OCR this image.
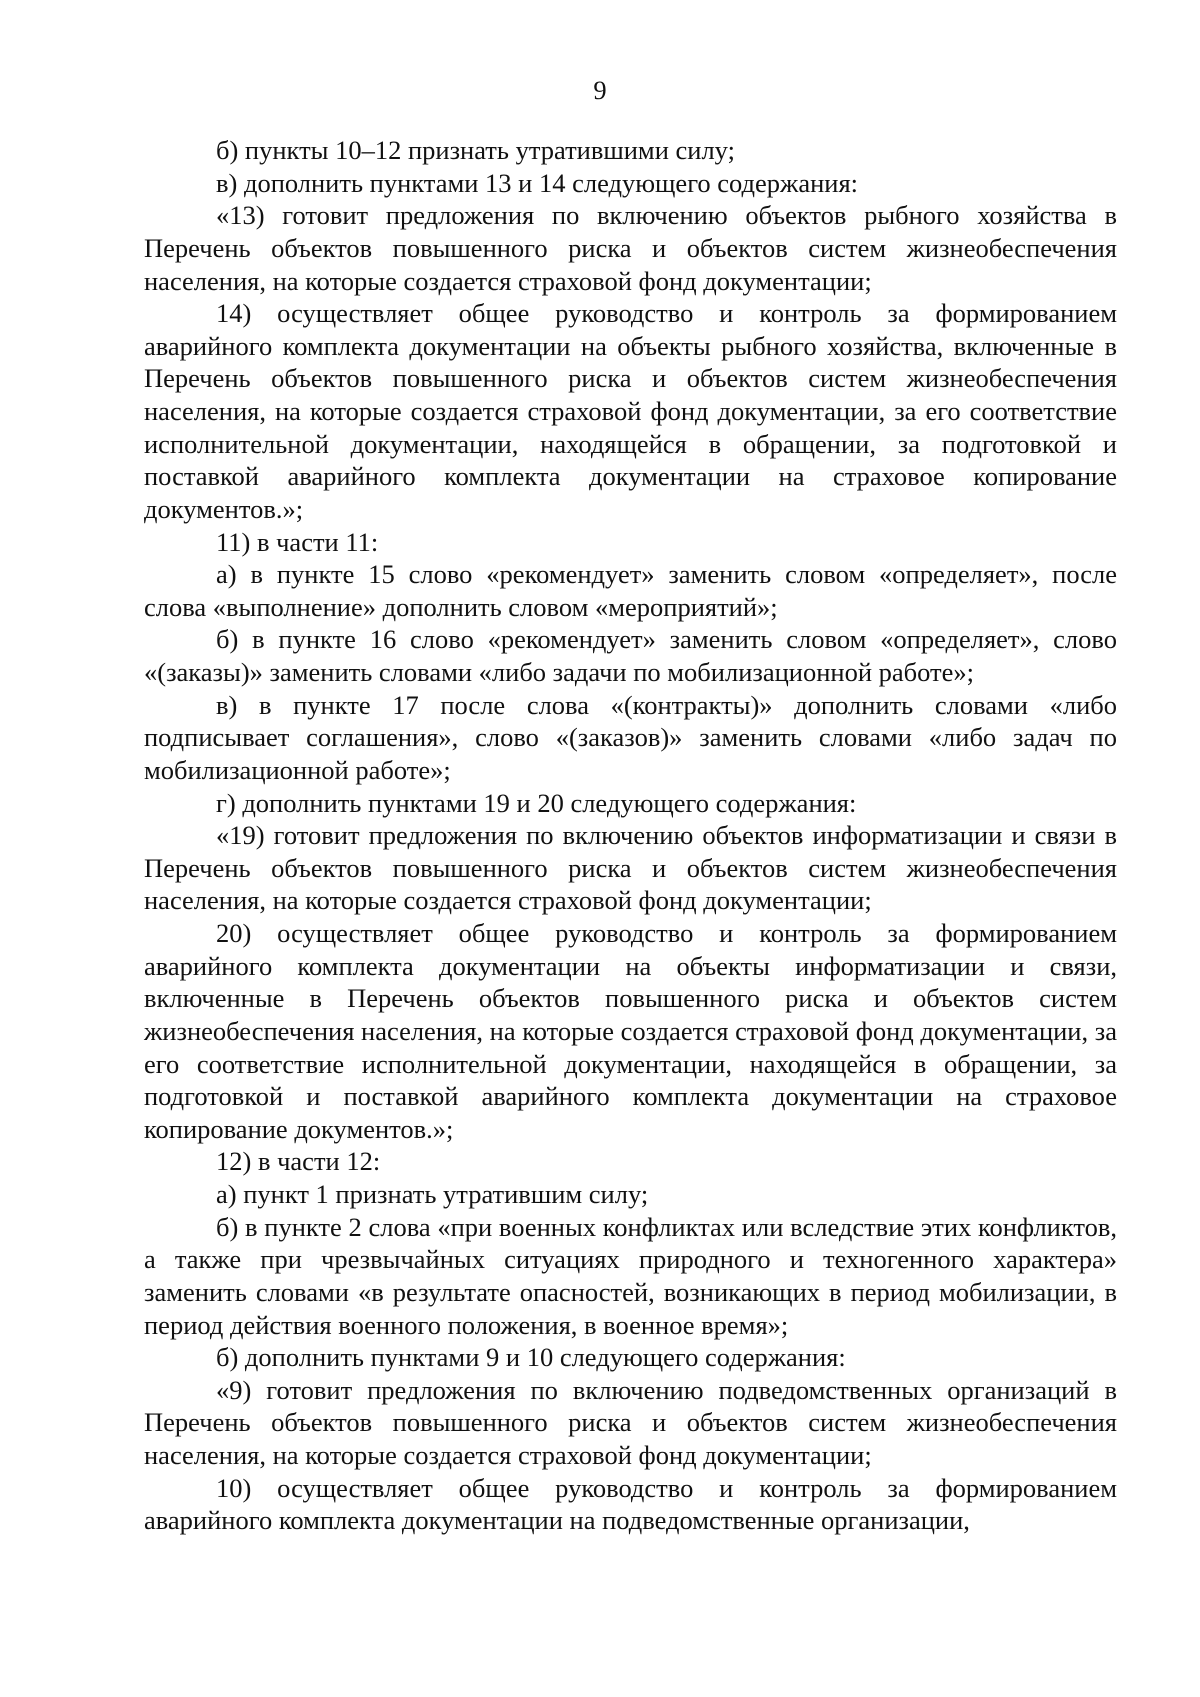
9

б) пункты 10–12 признать утратившими силу;

в) дополнить пунктами 13 и 14 следующего содержания:

«13) готовит предложения по включению объектов рыбного хозяйства в Перечень объектов повышенного риска и объектов систем жизнеобеспечения населения, на которые создается страховой фонд документации;

14) осуществляет общее руководство и контроль за формированием аварийного комплекта документации на объекты рыбного хозяйства, включенные в Перечень объектов повышенного риска и объектов систем жизнеобеспечения населения, на которые создается страховой фонд документации, за его соответствие исполнительной документации, находящейся в обращении, за подготовкой и поставкой аварийного комплекта документации на страховое копирование документов.»;

11) в части 11:

а) в пункте 15 слово «рекомендует» заменить словом «определяет», после слова «выполнение» дополнить словом «мероприятий»;

б) в пункте 16 слово «рекомендует» заменить словом «определяет», слово «(заказы)» заменить словами «либо задачи по мобилизационной работе»;

в) в пункте 17 после слова «(контракты)» дополнить словами «либо подписывает соглашения», слово «(заказов)» заменить словами «либо задач по мобилизационной работе»;

г) дополнить пунктами 19 и 20 следующего содержания:

«19) готовит предложения по включению объектов информатизации и связи в Перечень объектов повышенного риска и объектов систем жизнеобеспечения населения, на которые создается страховой фонд документации;

20) осуществляет общее руководство и контроль за формированием аварийного комплекта документации на объекты информатизации и связи, включенные в Перечень объектов повышенного риска и объектов систем жизнеобеспечения населения, на которые создается страховой фонд документации, за его соответствие исполнительной документации, находящейся в обращении, за подготовкой и поставкой аварийного комплекта документации на страховое копирование документов.»;

12) в части 12:

а) пункт 1 признать утратившим силу;

б) в пункте 2 слова «при военных конфликтах или вследствие этих конфликтов, а также при чрезвычайных ситуациях природного и техногенного характера» заменить словами «в результате опасностей, возникающих в период мобилизации, в период действия военного положения, в военное время»;

б) дополнить пунктами 9 и 10 следующего содержания:

«9) готовит предложения по включению подведомственных организаций в Перечень объектов повышенного риска и объектов систем жизнеобеспечения населения, на которые создается страховой фонд документации;

10) осуществляет общее руководство и контроль за формированием аварийного комплекта документации на подведомственные организации,
